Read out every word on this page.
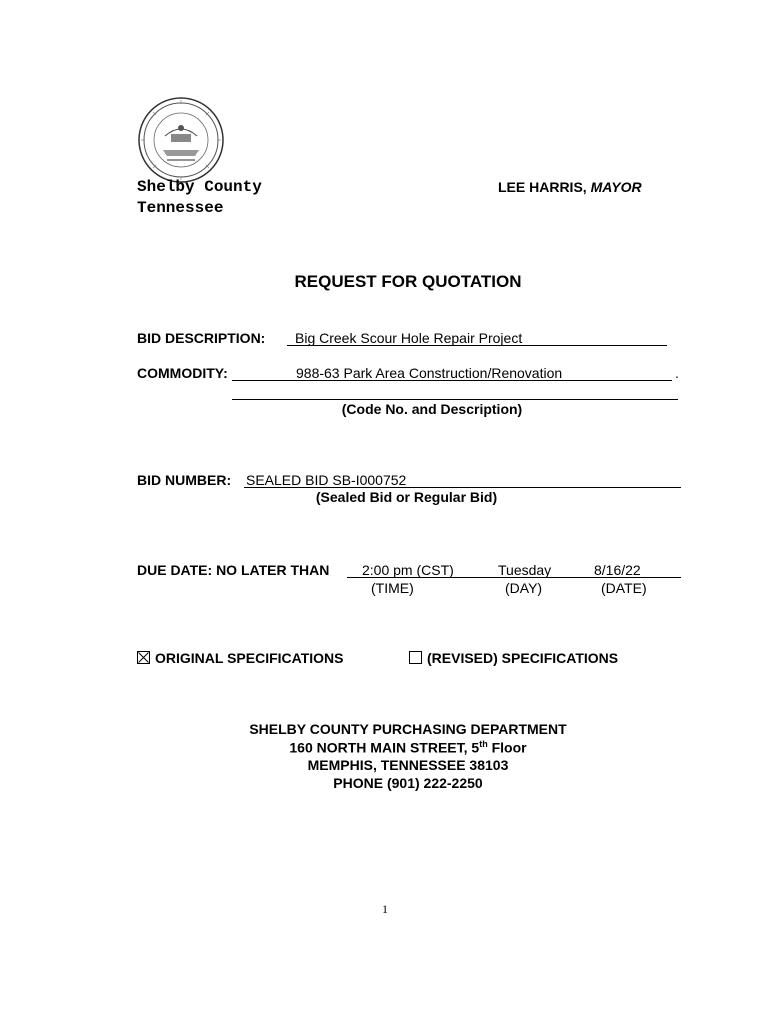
Shelby County
Tennessee
LEE HARRIS, MAYOR
REQUEST FOR QUOTATION
BID DESCRIPTION: Big Creek Scour Hole Repair Project
COMMODITY:	988-63 Park Area Construction/Renovation	.
(Code No. and Description)
BID NUMBER: SEALED BID SB-I000752
(Sealed Bid or Regular Bid)
DUE DATE: NO LATER THAN 2:00 pm (CST)	Tuesday	8/16/22
(TIME)	(DAY)	(DATE)
ORIGINAL SPECIFICATIONS	(REVISED) SPECIFICATIONS
SHELBY COUNTY PURCHASING DEPARTMENT
160 NORTH MAIN STREET, 5th Floor
MEMPHIS, TENNESSEE 38103
PHONE (901) 222-2250
1
